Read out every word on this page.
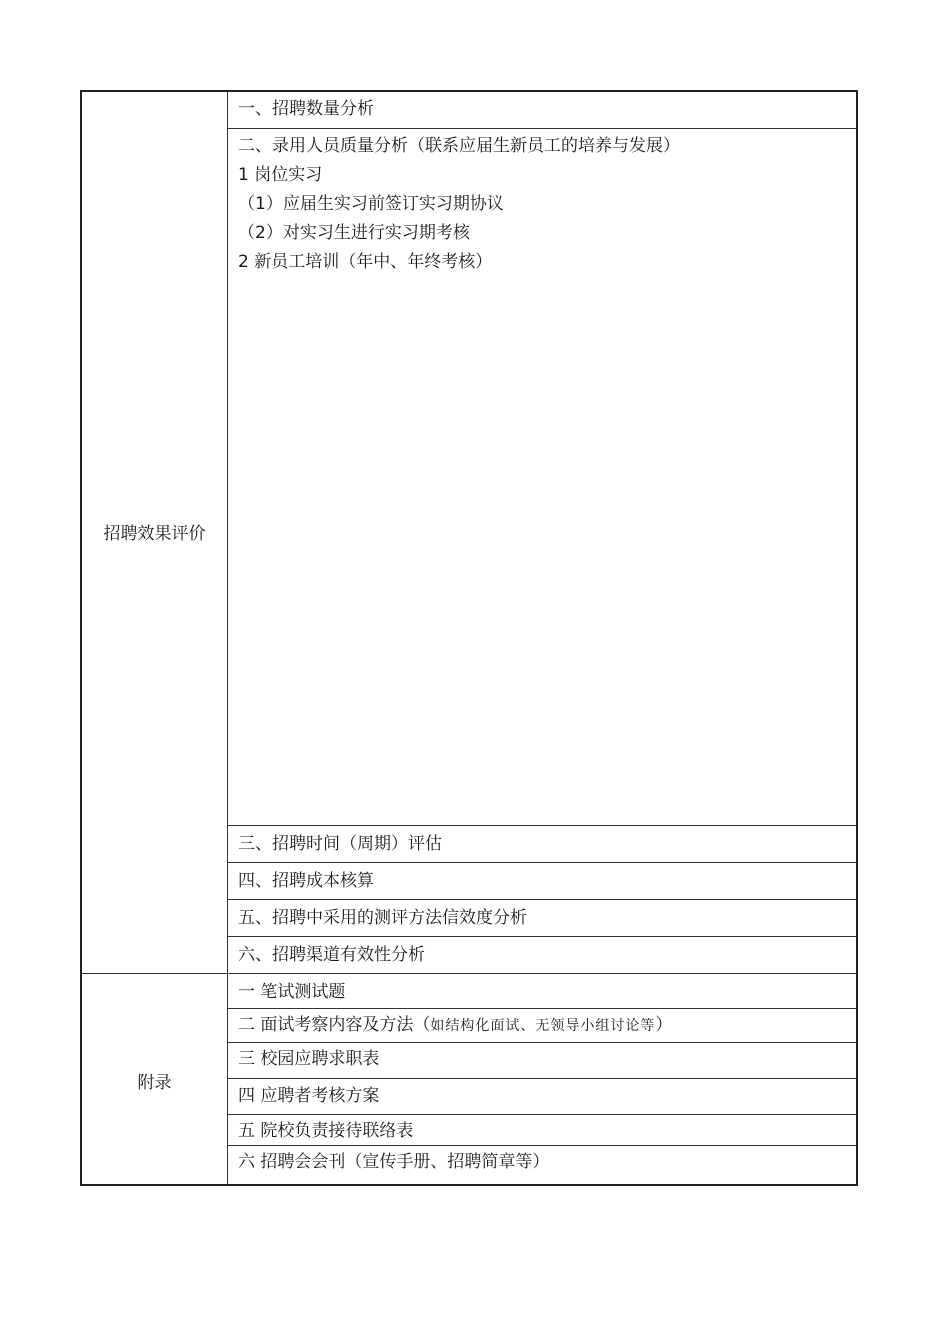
招聘效果评价
附录
一、招聘数量分析
二、录用人员质量分析（联系应届生新员工的培养与发展）
1 岗位实习
（1）应届生实习前签订实习期协议
（2）对实习生进行实习期考核
2 新员工培训（年中、年终考核）
三、招聘时间（周期）评估
四、招聘成本核算
五、招聘中采用的测评方法信效度分析
六、招聘渠道有效性分析
一 笔试测试题
二 面试考察内容及方法（如结构化面试、无领导小组讨论等）
三 校园应聘求职表
四 应聘者考核方案
五 院校负责接待联络表
六 招聘会会刊（宣传手册、招聘简章等）
